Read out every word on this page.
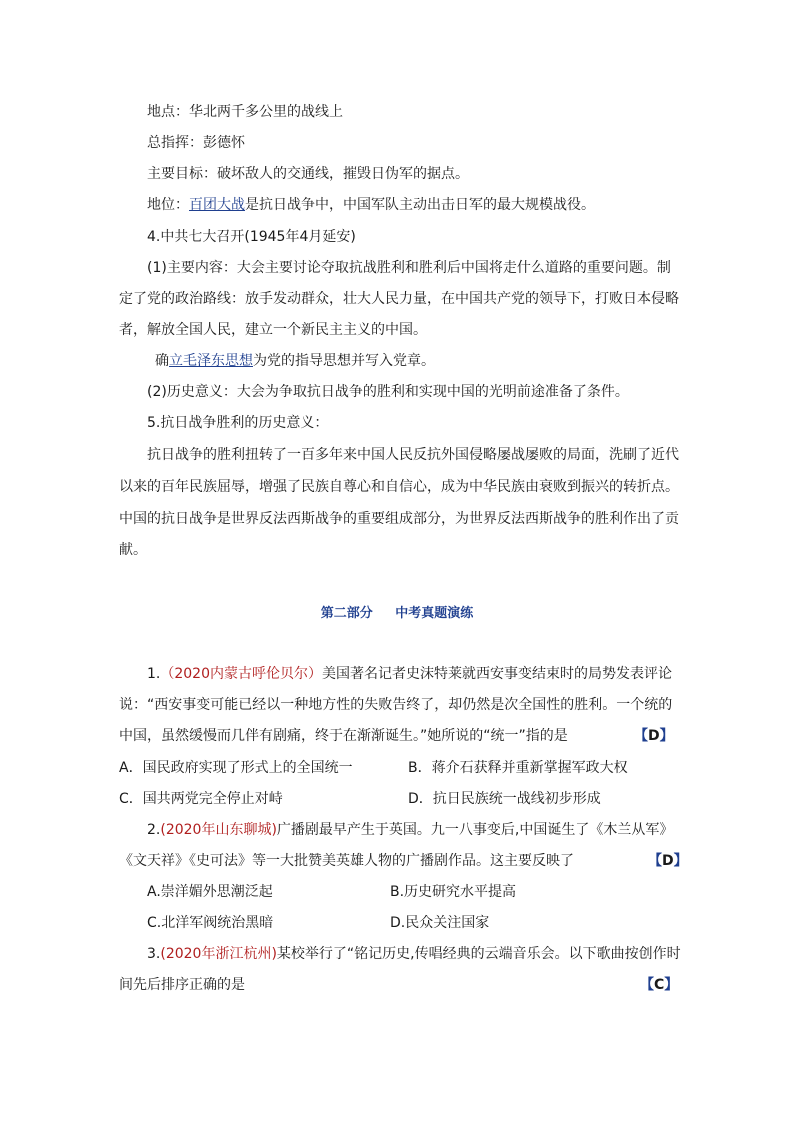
地点：华北两千多公里的战线上
总指挥：彭德怀
主要目标：破坏敌人的交通线，摧毁日伪军的据点。
地位：百团大战是抗日战争中，中国军队主动出击日军的最大规模战役。
4.中共七大召开(1945年4月延安)
(1)主要内容：大会主要讨论夺取抗战胜利和胜利后中国将走什么道路的重要问题。制
定了党的政治路线：放手发动群众，壮大人民力量，在中国共产党的领导下，打败日本侵略
者，解放全国人民，建立一个新民主主义的中国。
确立毛泽东思想为党的指导思想并写入党章。
(2)历史意义：大会为争取抗日战争的胜利和实现中国的光明前途准备了条件。
5.抗日战争胜利的历史意义：
抗日战争的胜利扭转了一百多年来中国人民反抗外国侵略屡战屡败的局面，洗刷了近代
以来的百年民族屈辱，增强了民族自尊心和自信心，成为中华民族由衰败到振兴的转折点。
中国的抗日战争是世界反法西斯战争的重要组成部分，为世界反法西斯战争的胜利作出了贡
献。
第二部分 中考真题演练
1.（2020内蒙古呼伦贝尔）美国著名记者史沫特莱就西安事变结束时的局势发表评论
说：“西安事变可能已经以一种地方性的失败告终了，却仍然是次全国性的胜利。一个统的
中国，虽然缓慢而几伴有剧痛，终于在渐渐诞生。”她所说的“统一”指的是	【D】
A．国民政府实现了形式上的全国统一	B．蒋介石获释并重新掌握军政大权
C．国共两党完全停止对峙	D．抗日民族统一战线初步形成
2.(2020年山东聊城)广播剧最早产生于英国。九一八事变后,中国诞生了《木兰从军》
《文天祥》《史可法》等一大批赞美英雄人物的广播剧作品。这主要反映了	【D】
A.崇洋媚外思潮泛起	B.历史研究水平提高
C.北洋军阀统治黑暗	D.民众关注国家
3.(2020年浙江杭州)某校举行了“铭记历史,传唱经典的云端音乐会。以下歌曲按创作时
间先后排序正确的是	【C】
